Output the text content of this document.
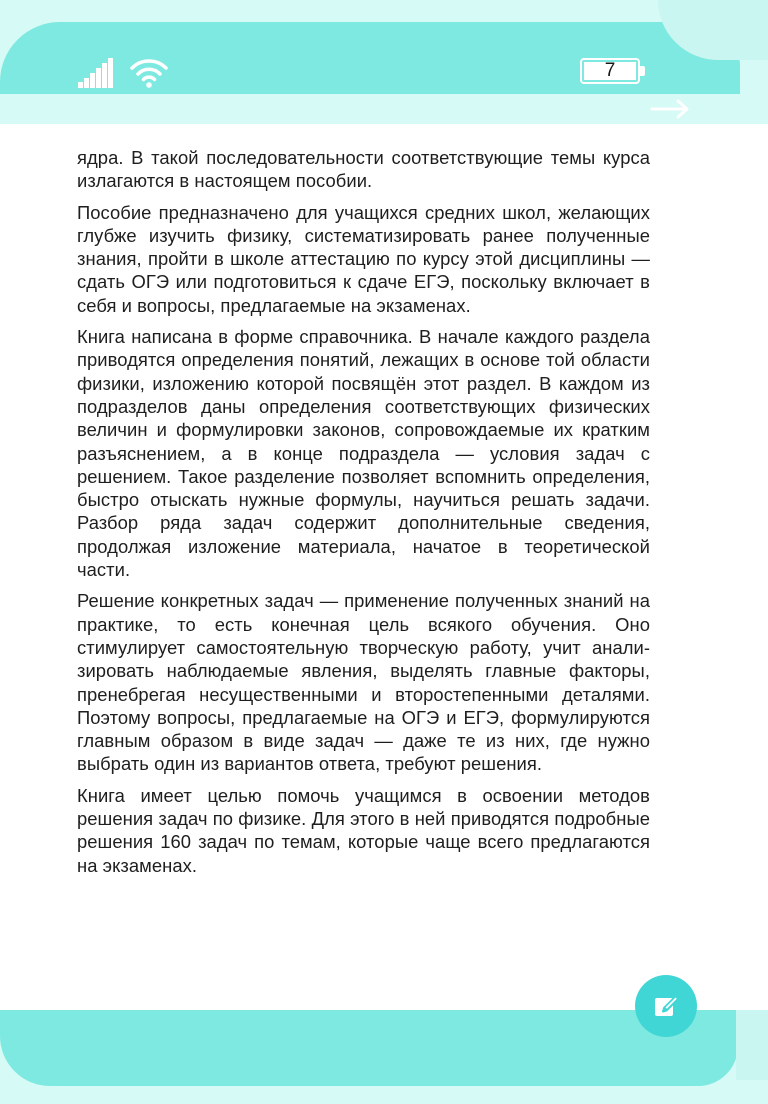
7

ядра. В такой последовательности соответствующие темы курса излагаются в настоящем пособии.

Пособие предназначено для учащихся средних школ, желающих глубже изучить физику, систематизировать ранее полученные знания, пройти в школе аттестацию по курсу этой дисциплины — сдать ОГЭ или подготовиться к сдаче ЕГЭ, поскольку включает в себя и вопросы, предлагаемые на экзаменах.

Книга написана в форме справочника. В начале каждого раздела приводятся определения понятий, лежащих в основе той области физики, изложению которой посвящён этот раздел. В каждом из подразделов даны определения соответствующих физических величин и формулировки законов, сопровождаемые их кратким разъяснением, а в конце подраздела — условия задач с решением. Такое разделение позволяет вспомнить определения, быстро отыскать нужные формулы, научиться решать задачи. Разбор ряда задач содержит дополнительные сведения, продолжая изложение материала, начатое в теоретической части.

Решение конкретных задач — применение полученных знаний на практике, то есть конечная цель всякого обучения. Оно стимулирует самостоятельную творческую работу, учит анализировать наблюдаемые явления, выделять главные факторы, пренебрегая несущественными и второстепенными деталями. Поэтому вопросы, предлагаемые на ОГЭ и ЕГЭ, формулируются главным образом в виде задач — даже те из них, где нужно выбрать один из вариантов ответа, требуют решения.

Книга имеет целью помочь учащимся в освоении методов решения задач по физике. Для этого в ней приводятся подробные решения 160 задач по темам, которые чаще всего предлагаются на экзаменах.
